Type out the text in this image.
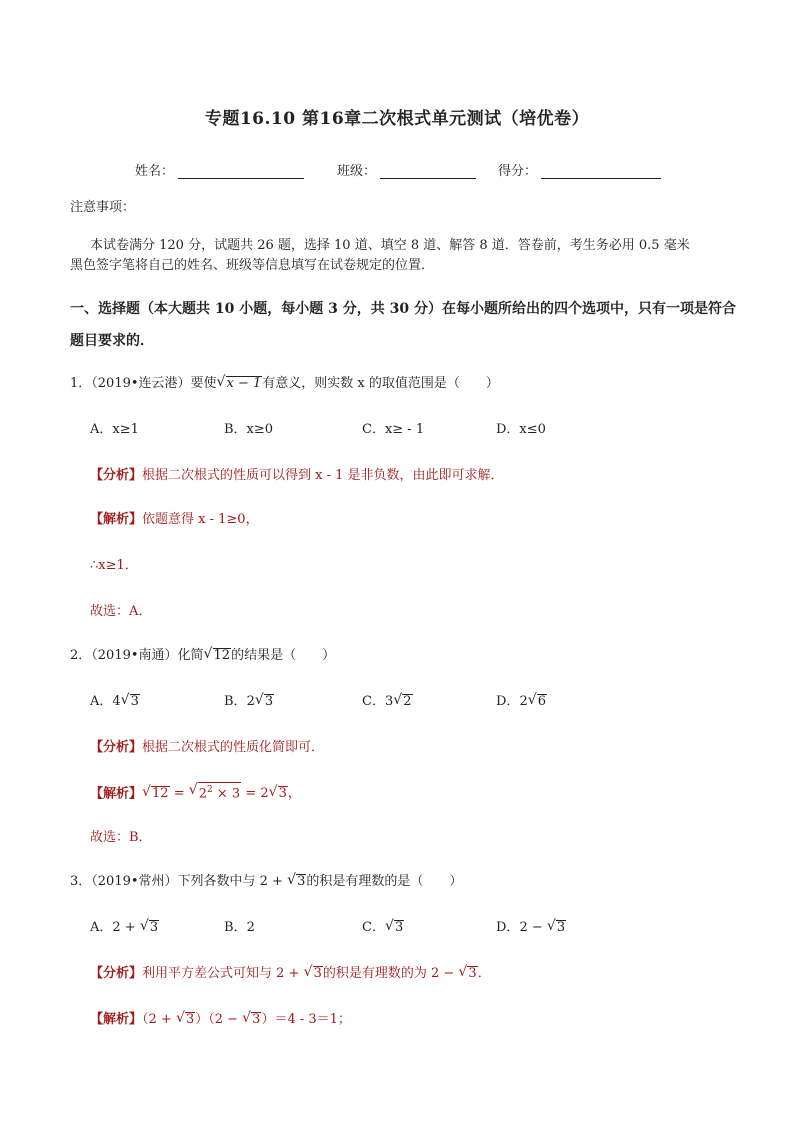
专题16.10 第16章二次根式单元测试（培优卷）
姓名：	班级：	得分：
注意事项：
本试卷满分 120 分，试题共 26 题，选择 10 道、填空 8 道、解答 8 道．答卷前，考生务必用 0.5 毫米
黑色签字笔将自己的姓名、班级等信息填写在试卷规定的位置．
一、选择题（本大题共 10 小题，每小题 3 分，共 30 分）在每小题所给出的四个选项中，只有一项是符合
题目要求的．
1．（2019•连云港）要使√ x − 1有意义，则实数 x 的取值范围是（　　）
A．x≥1	B．x≥0	C．x≥ - 1	D．x≤0
【分析】根据二次根式的性质可以得到 x - 1 是非负数，由此即可求解．
【解析】依题意得 x - 1≥0，
∴x≥1．
故选：A．
2．（2019•南通）化简√ 12的结果是（　　）
A．4√ 3	B．2√ 3	C．3√ 2	D．2√ 6
【分析】根据二次根式的性质化简即可．
【解析】√ 12 = √ $2^2 \times 3 = 2√$ 3，
故选：B．
3．（2019•常州）下列各数中与 2 + √ 3的积是有理数的是（　　）
A．2 + √ 3	B．2	C．√ 3	D．2 − √ 3
【分析】利用平方差公式可知与 2 + √ 3的积是有理数的为 2 − √ 3．
【解析】（2 + √ 3）（2 − √ 3）＝4 - 3＝1；
